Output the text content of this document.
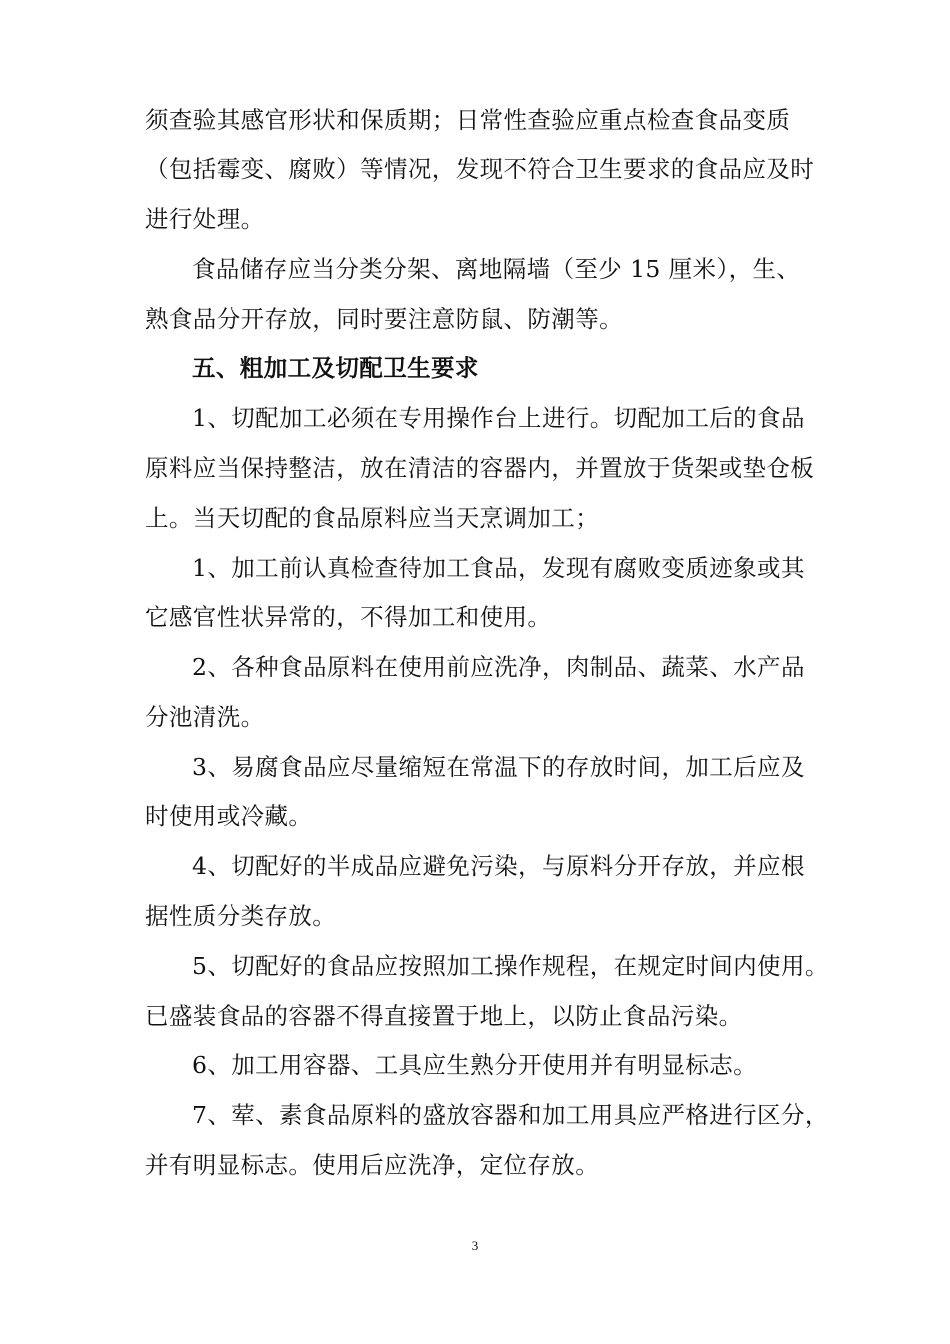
须查验其感官形状和保质期；日常性查验应重点检查食品变质
（包括霉变、腐败）等情况，发现不符合卫生要求的食品应及时
进行处理。
食品储存应当分类分架、离地隔墙（至少 15 厘米），生、
熟食品分开存放，同时要注意防鼠、防潮等。
五、粗加工及切配卫生要求
1、切配加工必须在专用操作台上进行。切配加工后的食品
原料应当保持整洁，放在清洁的容器内，并置放于货架或垫仓板
上。当天切配的食品原料应当天烹调加工；
1、加工前认真检查待加工食品，发现有腐败变质迹象或其
它感官性状异常的，不得加工和使用。
2、各种食品原料在使用前应洗净，肉制品、蔬菜、水产品
分池清洗。
3、易腐食品应尽量缩短在常温下的存放时间，加工后应及
时使用或冷藏。
4、切配好的半成品应避免污染，与原料分开存放，并应根
据性质分类存放。
5、切配好的食品应按照加工操作规程，在规定时间内使用。
已盛装食品的容器不得直接置于地上，以防止食品污染。
6、加工用容器、工具应生熟分开使用并有明显标志。
7、荤、素食品原料的盛放容器和加工用具应严格进行区分，
并有明显标志。使用后应洗净，定位存放。
3
